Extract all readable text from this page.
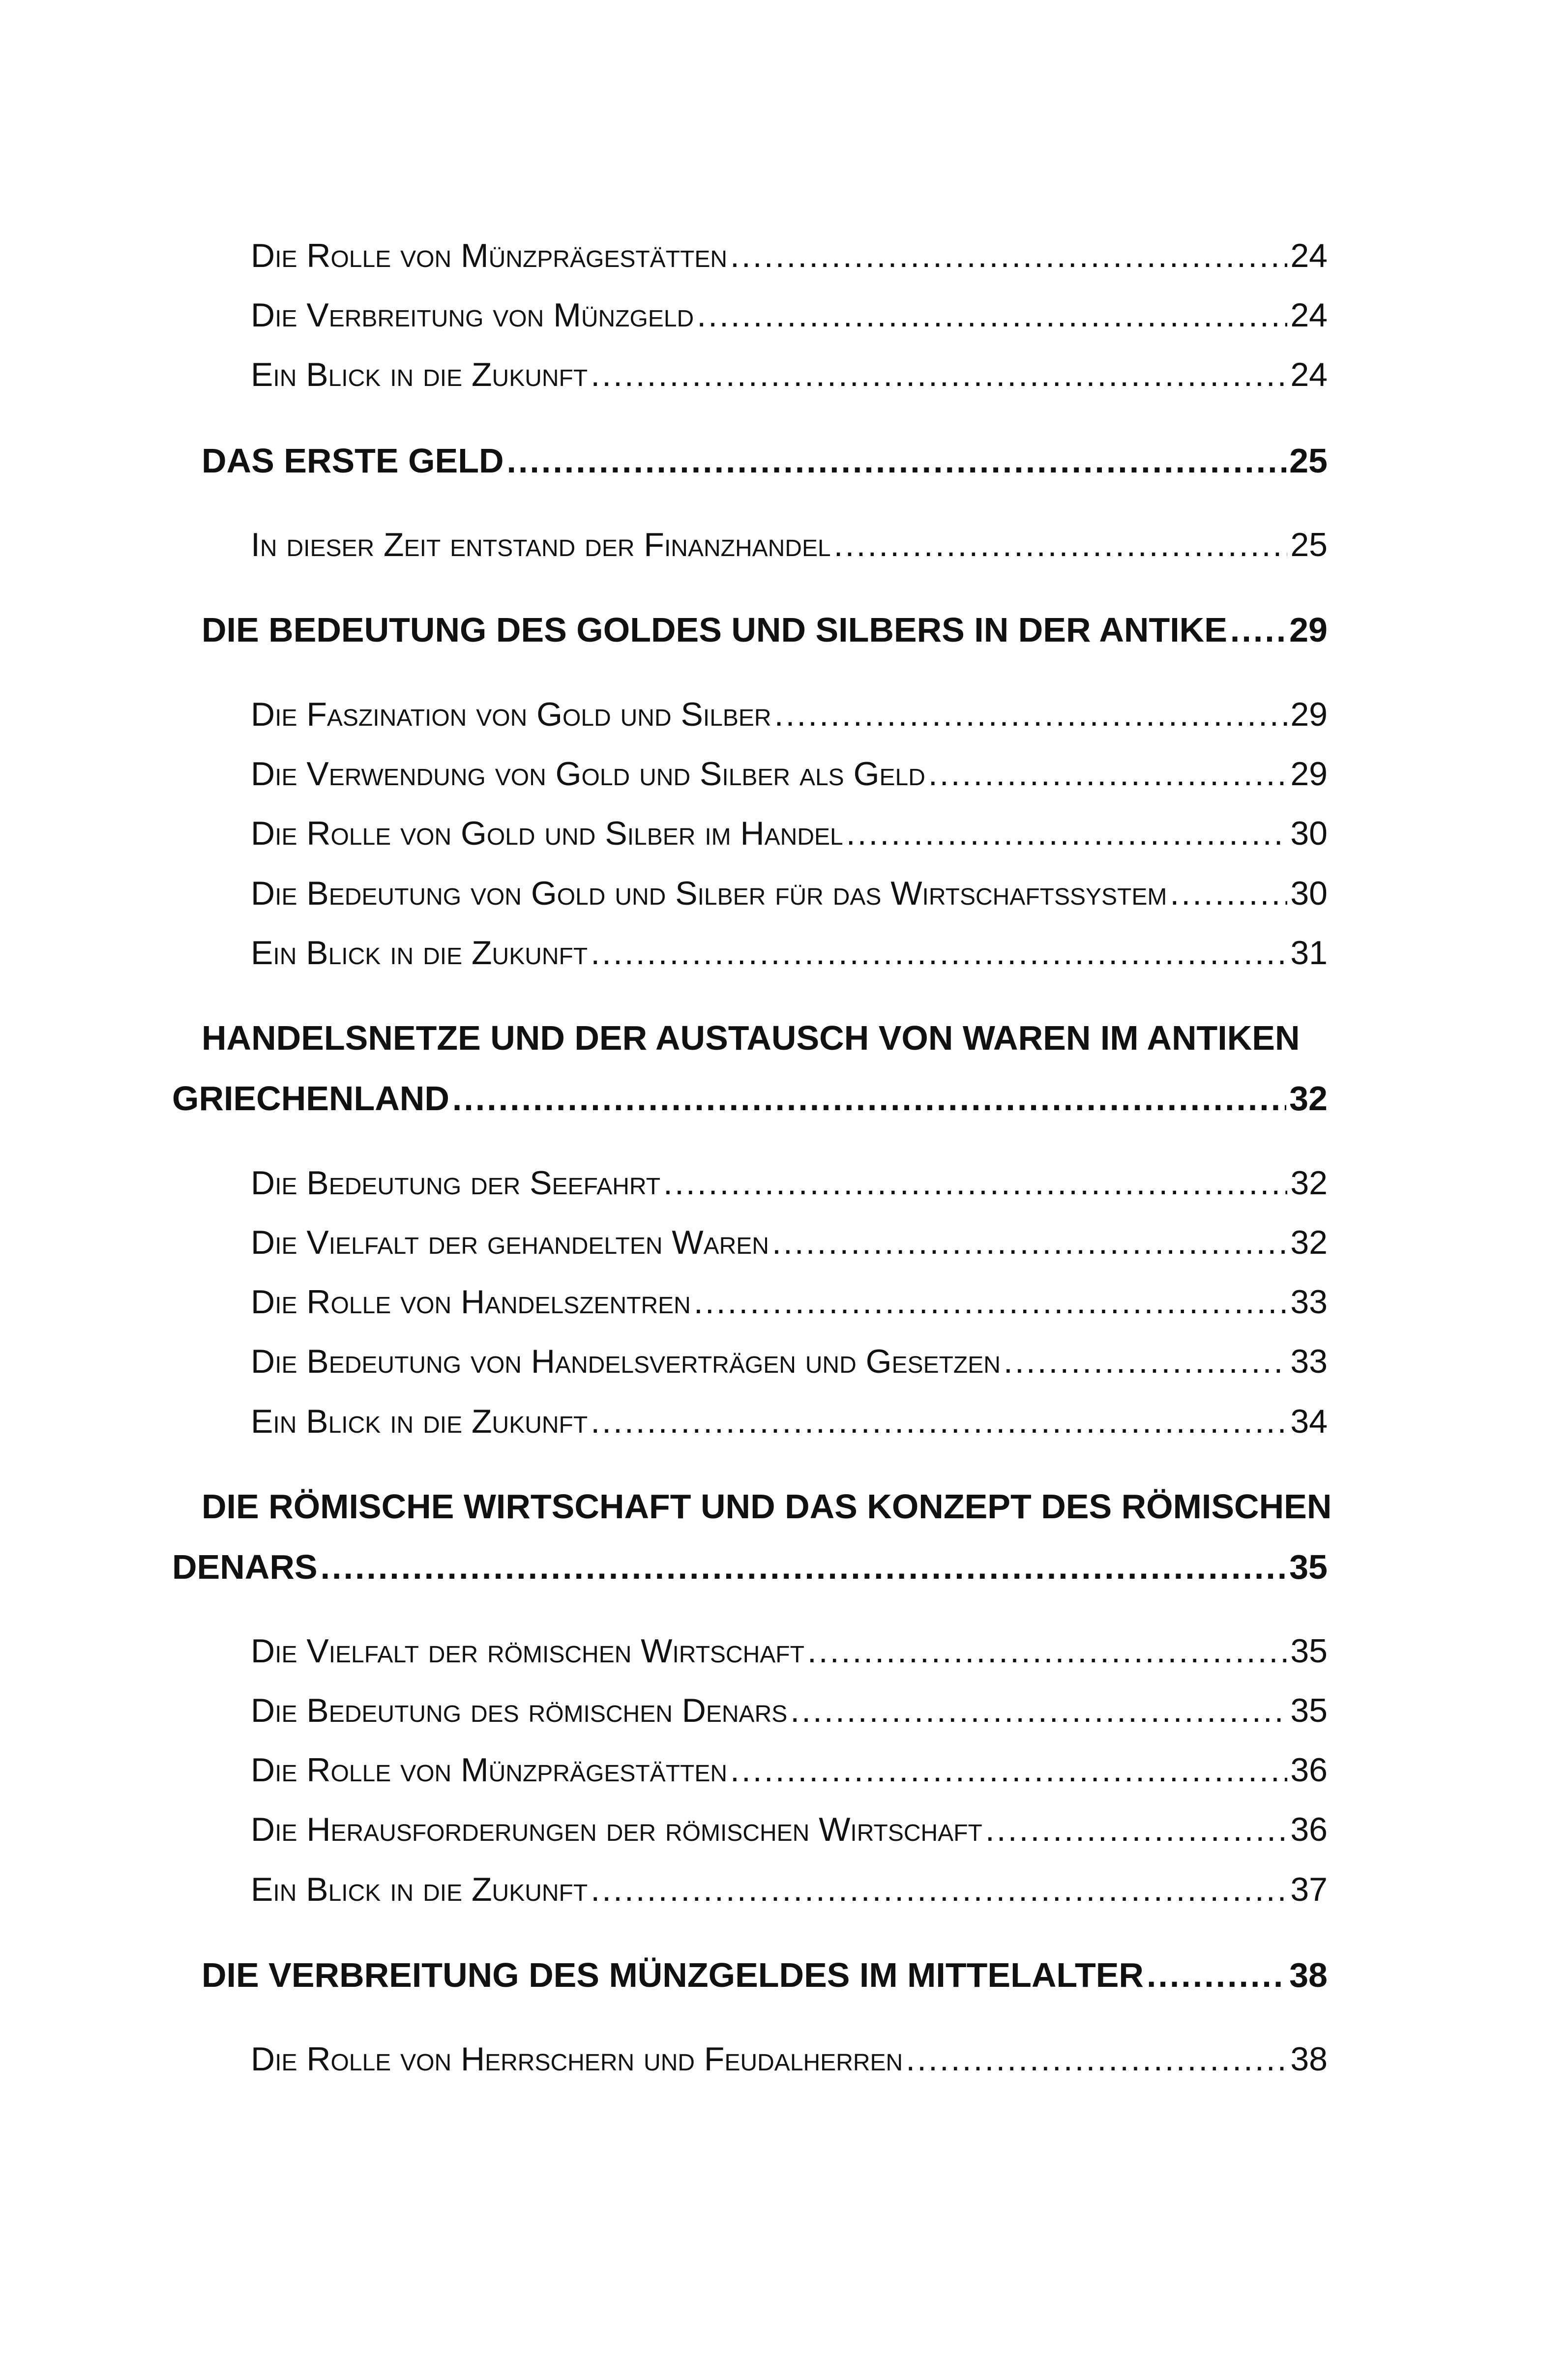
Die Rolle von Münzprägestätten .....	24
Die Verbreitung von Münzgeld .....	24
Ein Blick in die Zukunft .....	24
DAS ERSTE GELD .....	25
In dieser Zeit entstand der Finanzhandel .....	25
DIE BEDEUTUNG DES GOLDES UND SILBERS IN DER ANTIKE ..... 29
Die Faszination von Gold und Silber .....	29
Die Verwendung von Gold und Silber als Geld .....	29
Die Rolle von Gold und Silber im Handel .....	30
Die Bedeutung von Gold und Silber für das Wirtschaftssystem .....	30
Ein Blick in die Zukunft .....	31
HANDELSNETZE UND DER AUSTAUSCH VON WAREN IM ANTIKEN
GRIECHENLAND .....	32
Die Bedeutung der Seefahrt .....	32
Die Vielfalt der gehandelten Waren .....	32
Die Rolle von Handelszentren .....	33
Die Bedeutung von Handelsverträgen und Gesetzen .....	33
Ein Blick in die Zukunft .....	34
DIE RÖMISCHE WIRTSCHAFT UND DAS KONZEPT DES RÖMISCHEN
DENARS .....	35
Die Vielfalt der römischen Wirtschaft .....	35
Die Bedeutung des römischen Denars .....	35
Die Rolle von Münzprägestätten .....	36
Die Herausforderungen der römischen Wirtschaft .....	36
Ein Blick in die Zukunft .....	37
DIE VERBREITUNG DES MÜNZGELDES IM MITTELALTER .....	38
Die Rolle von Herrschern und Feudalherren .....	38
